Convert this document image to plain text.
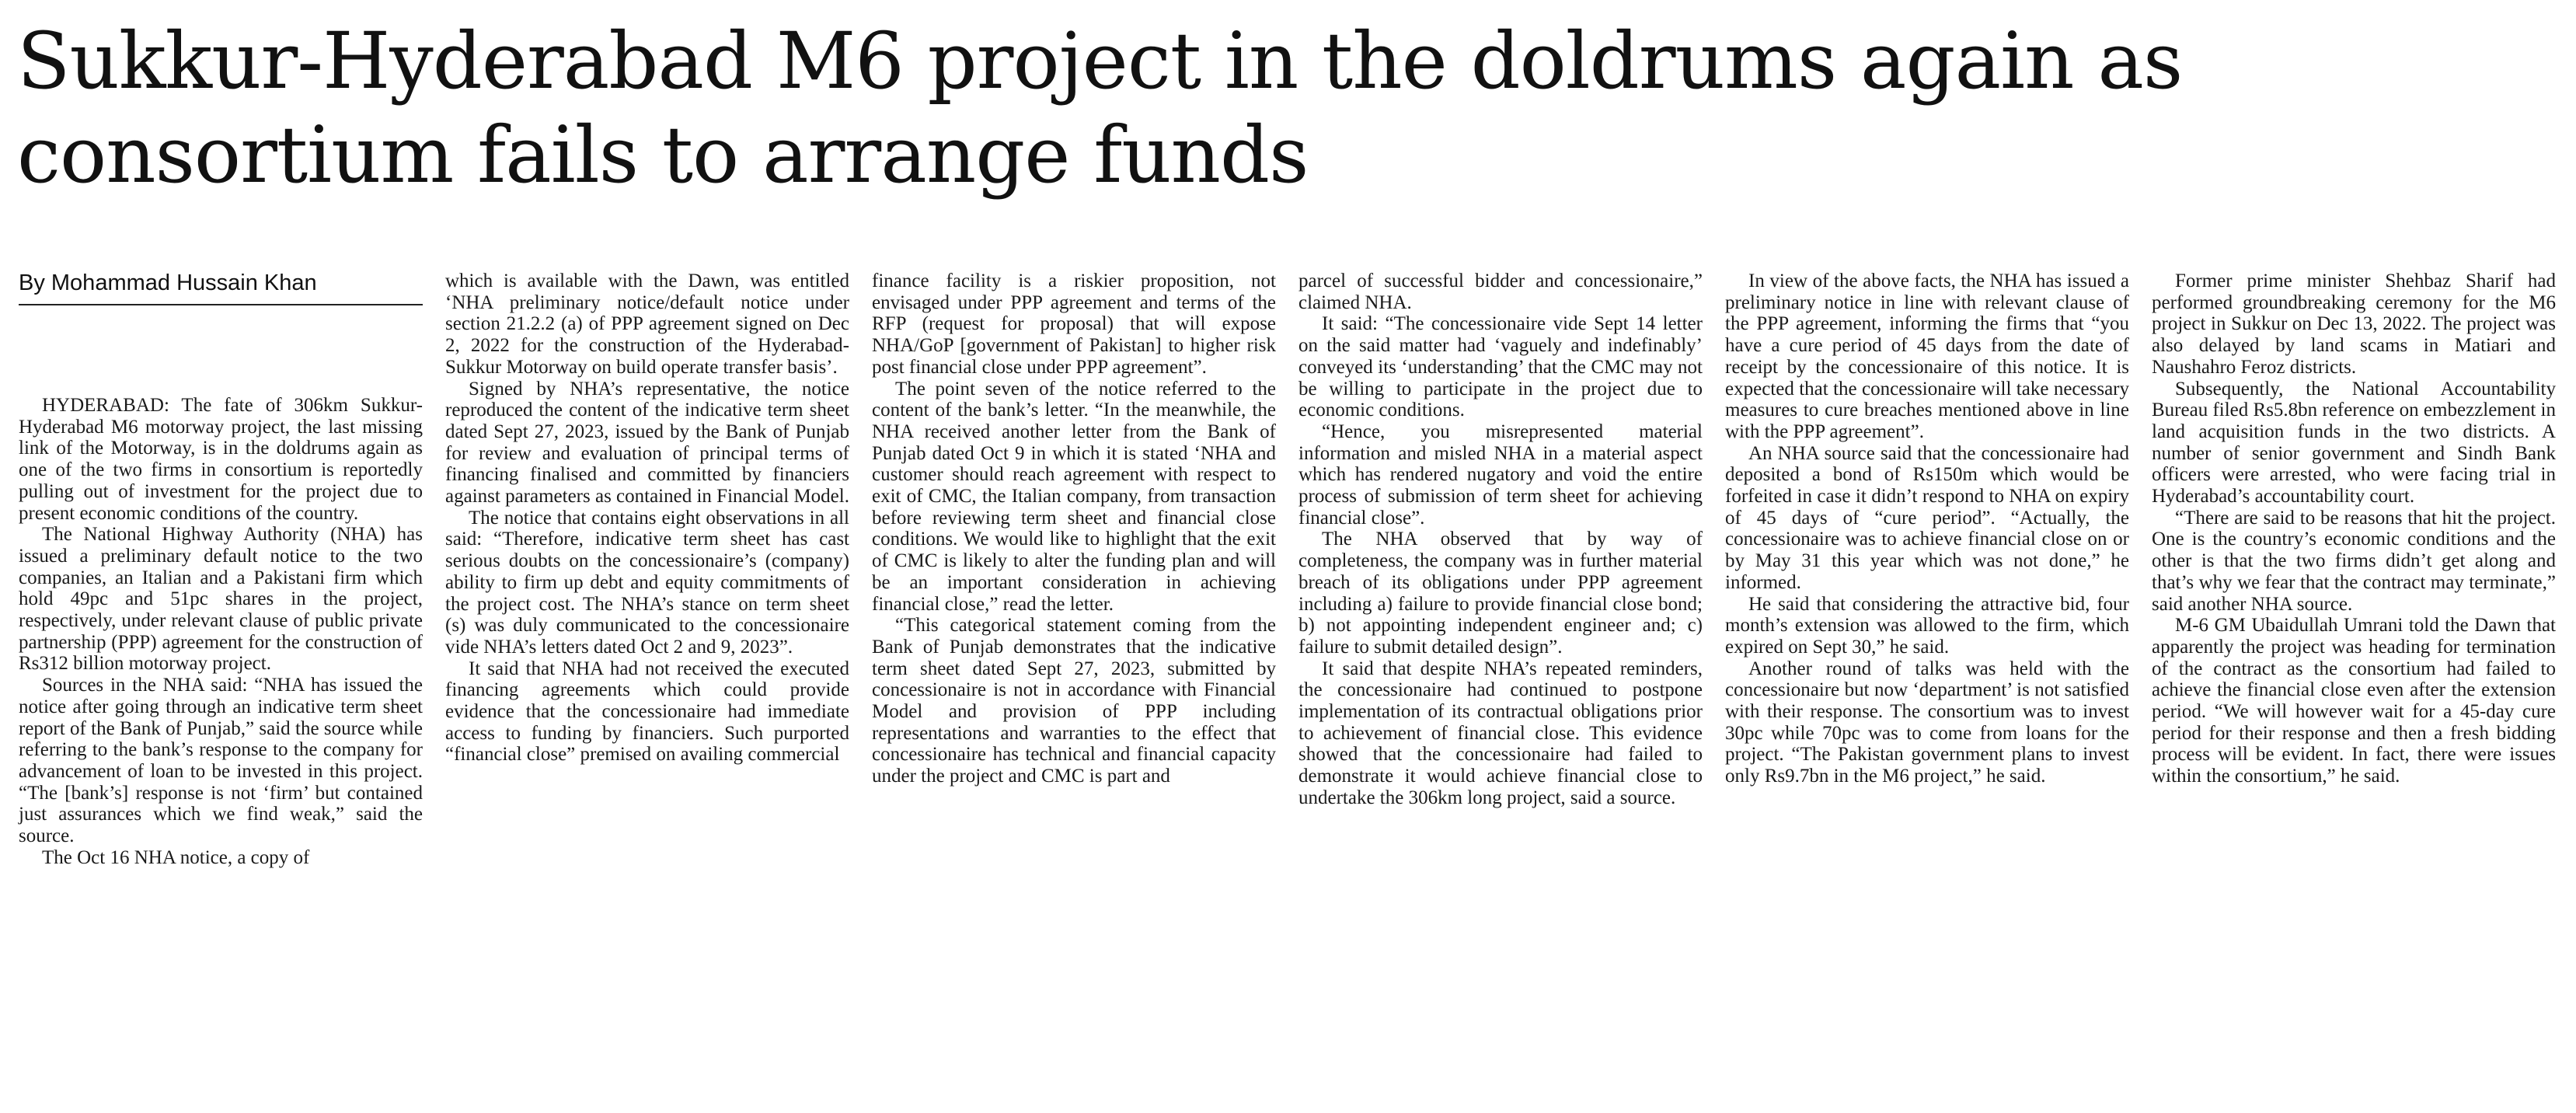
Sukkur-Hyderabad M6 project in the doldrums again as consortium fails to arrange funds
By Mohammad Hussain Khan

HYDERABAD: The fate of 306km Sukkur-Hyderabad M6 motorway project, the last missing link of the Motorway, is in the doldrums again as one of the two firms in consortium is reportedly pulling out of investment for the project due to present economic conditions of the country.

The National Highway Authority (NHA) has issued a preliminary default notice to the two companies, an Italian and a Pakistani firm which hold 49pc and 51pc shares in the project, respectively, under relevant clause of public private partnership (PPP) agreement for the construction of Rs312 billion motorway project.

Sources in the NHA said: “NHA has issued the notice after going through an indicative term sheet report of the Bank of Punjab,” said the source while referring to the bank’s response to the company for advancement of loan to be invested in this project. “The [bank’s] response is not ‘firm’ but contained just assurances which we find weak,” said the source.

The Oct 16 NHA notice, a copy of

which is available with the Dawn, was entitled ‘NHA preliminary notice/default notice under section 21.2.2 (a) of PPP agreement signed on Dec 2, 2022 for the construction of the Hyderabad-Sukkur Motorway on build operate transfer basis’.

Signed by NHA’s representative, the notice reproduced the content of the indicative term sheet dated Sept 27, 2023, issued by the Bank of Punjab for review and evaluation of principal terms of financing finalised and committed by financiers against parameters as contained in Financial Model.

The notice that contains eight observations in all said: “Therefore, indicative term sheet has cast serious doubts on the concessionaire’s (company) ability to firm up debt and equity commitments of the project cost. The NHA’s stance on term sheet (s) was duly communicated to the concessionaire vide NHA’s letters dated Oct 2 and 9, 2023”.

It said that NHA had not received the executed financing agreements which could provide evidence that the concessionaire had immediate access to funding by financiers. Such purported “financial close” premised on availing commercial

finance facility is a riskier proposition, not envisaged under PPP agreement and terms of the RFP (request for proposal) that will expose NHA/GoP [government of Pakistan] to higher risk post financial close under PPP agreement”.

The point seven of the notice referred to the content of the bank’s letter. “In the meanwhile, the NHA received another letter from the Bank of Punjab dated Oct 9 in which it is stated ‘NHA and customer should reach agreement with respect to exit of CMC, the Italian company, from transaction before reviewing term sheet and financial close conditions. We would like to highlight that the exit of CMC is likely to alter the funding plan and will be an important consideration in achieving financial close,” read the letter.

“This categorical statement coming from the Bank of Punjab demonstrates that the indicative term sheet dated Sept 27, 2023, submitted by concessionaire is not in accordance with Financial Model and provision of PPP including representations and warranties to the effect that concessionaire has technical and financial capacity under the project and CMC is part and

parcel of successful bidder and concessionaire,” claimed NHA.

It said: “The concessionaire vide Sept 14 letter on the said matter had ‘vaguely and indefinably’ conveyed its ‘understanding’ that the CMC may not be willing to participate in the project due to economic conditions.

“Hence, you misrepresented material information and misled NHA in a material aspect which has rendered nugatory and void the entire process of submission of term sheet for achieving financial close”.

The NHA observed that by way of completeness, the company was in further material breach of its obligations under PPP agreement including a) failure to provide financial close bond; b) not appointing independent engineer and; c) failure to submit detailed design”.

It said that despite NHA’s repeated reminders, the concessionaire had continued to postpone implementation of its contractual obligations prior to achievement of financial close. This evidence showed that the concessionaire had failed to demonstrate it would achieve financial close to undertake the 306km long project, said a source.

In view of the above facts, the NHA has issued a preliminary notice in line with relevant clause of the PPP agreement, informing the firms that “you have a cure period of 45 days from the date of receipt by the concessionaire of this notice. It is expected that the concessionaire will take necessary measures to cure breaches mentioned above in line with the PPP agreement”.

An NHA source said that the concessionaire had deposited a bond of Rs150m which would be forfeited in case it didn’t respond to NHA on expiry of 45 days of “cure period”. “Actually, the concessionaire was to achieve financial close on or by May 31 this year which was not done,” he informed.

He said that considering the attractive bid, four month’s extension was allowed to the firm, which expired on Sept 30,” he said.

Another round of talks was held with the concessionaire but now ‘department’ is not satisfied with their response. The consortium was to invest 30pc while 70pc was to come from loans for the project. “The Pakistan government plans to invest only Rs9.7bn in the M6 project,” he said.

Former prime minister Shehbaz Sharif had performed groundbreaking ceremony for the M6 project in Sukkur on Dec 13, 2022. The project was also delayed by land scams in Matiari and Naushahro Feroz districts.

Subsequently, the National Accountability Bureau filed Rs5.8bn reference on embezzlement in land acquisition funds in the two districts. A number of senior government and Sindh Bank officers were arrested, who were facing trial in Hyderabad’s accountability court.

“There are said to be reasons that hit the project. One is the country’s economic conditions and the other is that the two firms didn’t get along and that’s why we fear that the contract may terminate,” said another NHA source.

M-6 GM Ubaidullah Umrani told the Dawn that apparently the project was heading for termination of the contract as the consortium had failed to achieve the financial close even after the extension period. “We will however wait for a 45-day cure period for their response and then a fresh bidding process will be evident. In fact, there were issues within the consortium,” he said.
